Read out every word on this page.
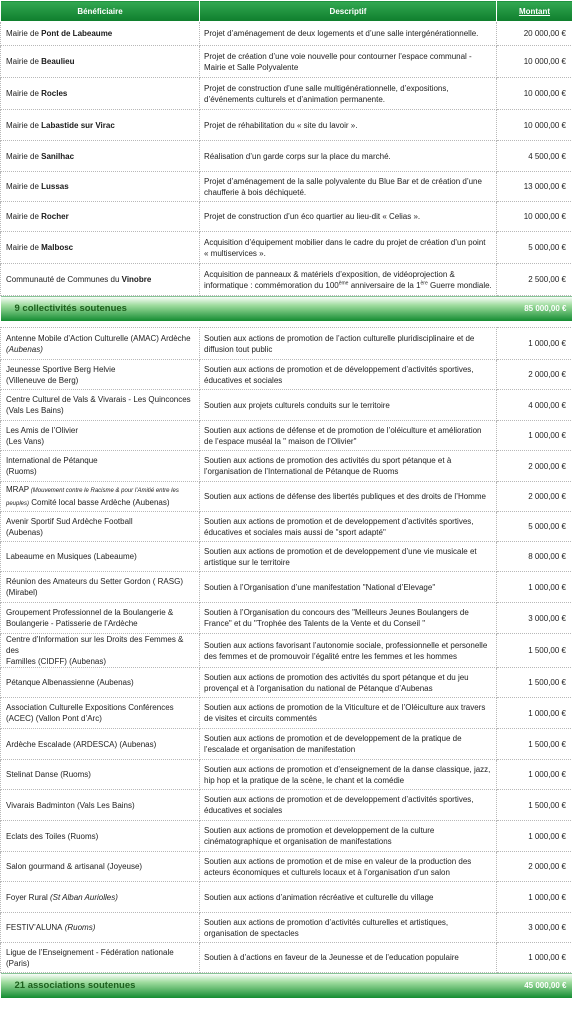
Bénéficiaire	Descriptif	Montant
Mairie de Pont de Labeaume	Projet d’aménagement de deux logements et d’une salle intergénérationnelle.	20 000,00 €
Mairie de Beaulieu	Projet de création d’une voie nouvelle pour contourner l’espace communal - Mairie et Salle Polyvalente	10 000,00 €
Mairie de Rocles	Projet de construction d’une salle multigénérationnelle, d’expositions, d’événements culturels et d’animation permanente.	10 000,00 €
Mairie de Labastide sur Virac	Projet de réhabilitation du « site du lavoir ».	10 000,00 €
Mairie de Sanilhac	Réalisation d’un garde corps sur la place du marché.	4 500,00 €
Mairie de Lussas	Projet d’aménagement de la salle polyvalente du Blue Bar et de création d’une chaufferie à bois déchiqueté.	13 000,00 €
Mairie de Rocher	Projet de construction d’un éco quartier au lieu-dit « Celias ».	10 000,00 €
Mairie de Malbosc	Acquisition d’équipement mobilier dans le cadre du projet de création d’un point « multiservices ».	5 000,00 €
Communauté de Communes du Vinobre	Acquisition de panneaux & matériels d’exposition, de vidéoprojection & informatique : commémoration du 100ème anniversaire de la 1ère Guerre mondiale.	2 500,00 €
9 collectivités soutenues		85 000,00 €

Antenne Mobile d’Action Culturelle (AMAC) Ardèche
(Aubenas)	Soutien aux actions de promotion de l’action culturelle pluridisciplinaire et de diffusion tout public	1 000,00 €
Jeunesse Sportive Berg Helvie
(Villeneuve de Berg)	Soutien aux actions de promotion et de développement d’activités sportives, éducatives et sociales	2 000,00 €
Centre Culturel de Vals & Vivarais - Les Quinconces
(Vals Les Bains)	Soutien aux projets culturels conduits sur le territoire	4 000,00 €
Les Amis de l’Olivier
(Les Vans)	Soutien aux actions de défense et de promotion de l’oléiculture et amélioration de l’espace muséal la " maison de l’Olivier"	1 000,00 €
International de Pétanque
(Ruoms)	Soutien aux actions de promotion des activités du sport pétanque et à l’organisation de l’International de Pétanque de Ruoms	2 000,00 €
MRAP (Mouvement contre le Racisme & pour l’Amitié entre les
peuples) Comité local basse Ardèche (Aubenas)	Soutien aux actions de défense des libertés publiques et des droits de l’Homme	2 000,00 €
Avenir Sportif Sud Ardèche Football
(Aubenas)	Soutien aux actions de promotion et de developpement d’activités sportives, éducatives et sociales mais aussi de "sport adapté"	5 000,00 €
Labeaume en Musiques (Labeaume)	Soutien aux actions de promotion et de developpement d’une vie musicale et artistique sur le territoire	8 000,00 €
Réunion des Amateurs du Setter Gordon ( RASG)
(Mirabel)	Soutien à l’Organisation d’une manifestation "National d’Elevage"	1 000,00 €
Groupement Professionnel de la Boulangerie &
Boulangerie - Patisserie de l’Ardèche	Soutien à l’Organisation du concours des "Meilleurs Jeunes Boulangers de France" et du "Trophée des Talents de la Vente et du Conseil "	3 000,00 €
Centre d’Information sur les Droits des Femmes & des
Familles (CIDFF) (Aubenas)	Soutien aux actions favorisant l’autonomie sociale, professionnelle et personelle des femmes et de promouvoir l’égalité entre les femmes et les hommes	1 500,00 €
Pétanque Albenassienne (Aubenas)	Soutien aux actions de promotion des activités du sport pétanque et du jeu provençal et à l’organisation du national de Pétanque d’Aubenas	1 500,00 €
Association Culturelle Expositions Conférences
(ACEC) (Vallon Pont d’Arc)	Soutien aux actions de promotion de la Viticulture et de l’Oléiculture aux travers de visites et circuits commentés	1 000,00 €
Ardèche Escalade (ARDESCA) (Aubenas)	Soutien aux actions de promotion et de developpement de la pratique de l’escalade et organisation de manifestation	1 500,00 €
Stelinat Danse (Ruoms)	Soutien aux actions de promotion et d’enseignement de la danse classique, jazz, hip hop et la pratique de la scène, le chant et la comédie	1 000,00 €
Vivarais Badminton (Vals Les Bains)	Soutien aux actions de promotion et de developpement d’activités sportives, éducatives et sociales	1 500,00 €
Eclats des Toiles (Ruoms)	Soutien aux actions de promotion et developpement de la culture cinématographique et organisation de manifestations	1 000,00 €
Salon gourmand & artisanal (Joyeuse)	Soutien aux actions de promotion et de mise en valeur de la production des acteurs économiques et culturels locaux et à l’organisation d’un salon	2 000,00 €
Foyer Rural (St Alban Auriolles)	Soutien aux actions d’animation récréative et culturelle du village	1 000,00 €
FESTIV’ALUNA (Ruoms)	Soutien aux actions de promotion d’activités culturelles et artistiques, organisation de spectacles	3 000,00 €
Ligue de l’Enseignement - Fédération nationale
(Paris)	Soutien à d’actions en faveur de la Jeunesse et de l’education populaire	1 000,00 €
21 associations soutenues		45 000,00 €
